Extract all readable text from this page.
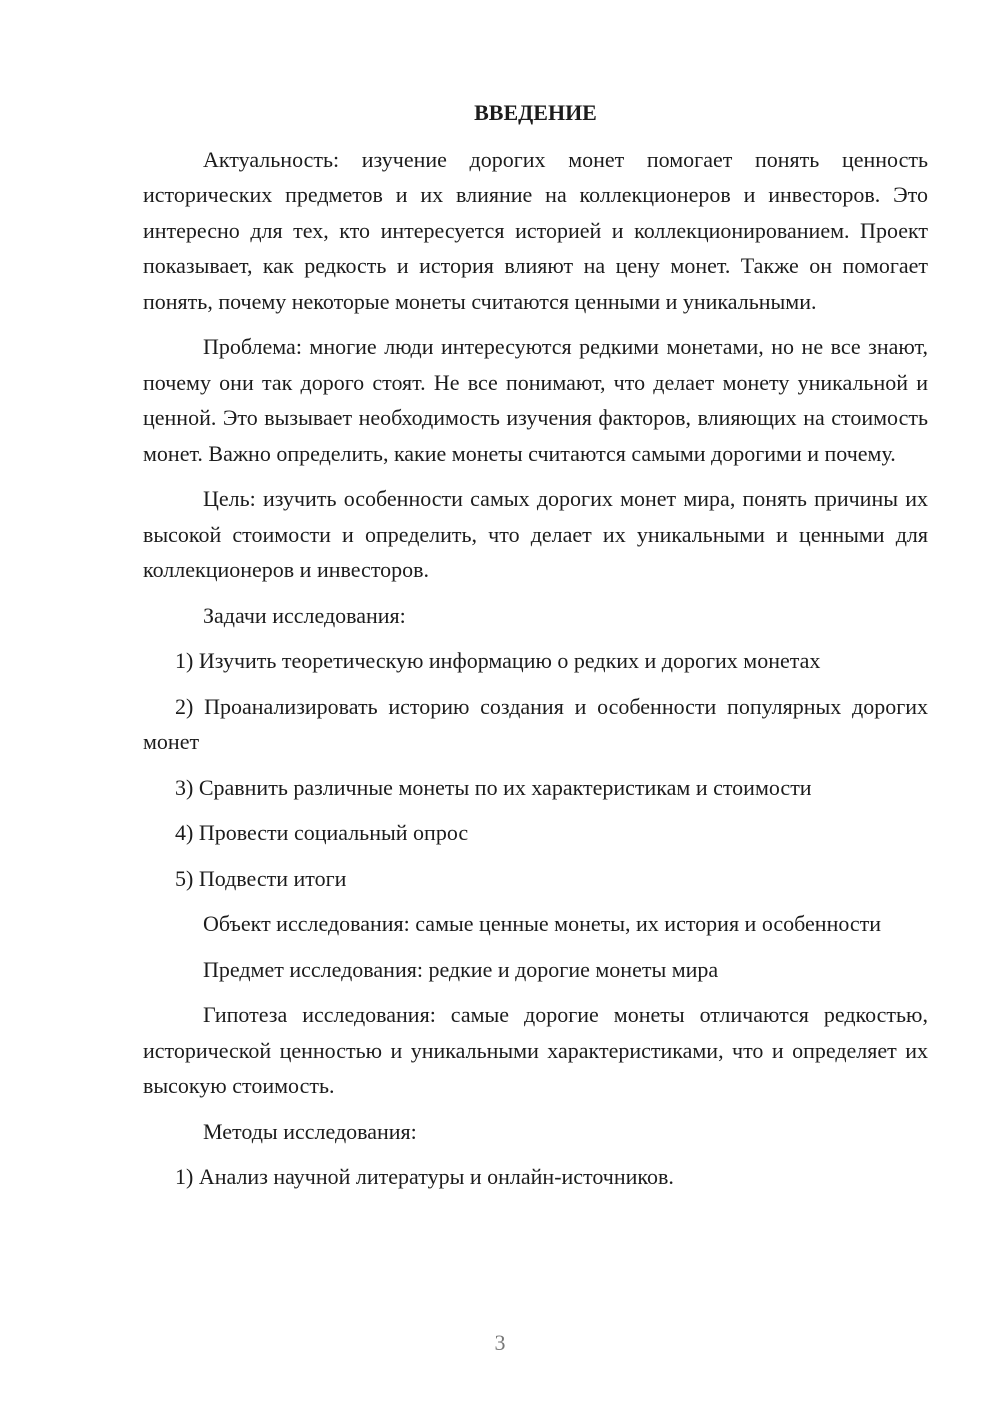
ВВЕДЕНИЕ

Актуальность: изучение дорогих монет помогает понять ценность исторических предметов и их влияние на коллекционеров и инвесторов. Это интересно для тех, кто интересуется историей и коллекционированием. Проект показывает, как редкость и история влияют на цену монет. Также он помогает понять, почему некоторые монеты считаются ценными и уникальными.

Проблема: многие люди интересуются редкими монетами, но не все знают, почему они так дорого стоят. Не все понимают, что делает монету уникальной и ценной. Это вызывает необходимость изучения факторов, влияющих на стоимость монет. Важно определить, какие монеты считаются самыми дорогими и почему.

Цель: изучить особенности самых дорогих монет мира, понять причины их высокой стоимости и определить, что делает их уникальными и ценными для коллекционеров и инвесторов.

Задачи исследования:

1) Изучить теоретическую информацию о редких и дорогих монетах

2) Проанализировать историю создания и особенности популярных дорогих монет

3) Сравнить различные монеты по их характеристикам и стоимости

4) Провести социальный опрос

5) Подвести итоги

Объект исследования: самые ценные монеты, их история и особенности

Предмет исследования: редкие и дорогие монеты мира

Гипотеза исследования: самые дорогие монеты отличаются редкостью, исторической ценностью и уникальными характеристиками, что и определяет их высокую стоимость.

Методы исследования:

1) Анализ научной литературы и онлайн-источников.

3
